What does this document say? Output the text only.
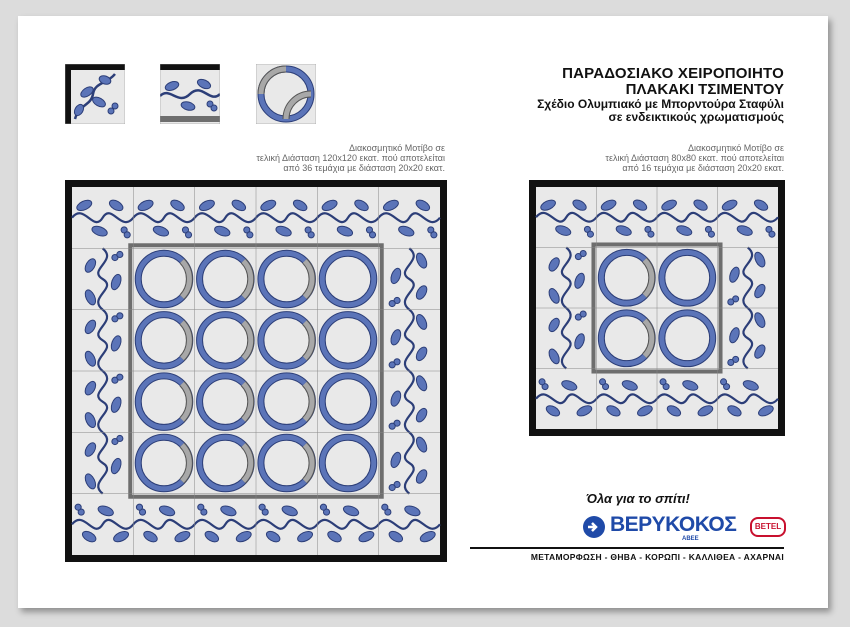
ΠΑΡΑΔΟΣΙΑΚΟ ΧΕΙΡΟΠΟΙΗΤΟ
ΠΛΑΚΑΚΙ ΤΣΙΜΕΝΤΟΥ
Σχέδιο Ολυμπιακό με Μπορντούρα Σταφύλι
σε ενδεικτικούς χρωματισμούς
Διακοσμητικό Μοτίβο σε
τελική Διάσταση 120x120 εκατ. πού αποτελείται
από 36 τεμάχια με διάσταση 20x20 εκατ.
Διακοσμητικό Μοτίβο σε
τελική Διάσταση 80x80 εκατ. πού αποτελείται
από 16 τεμάχια με διάσταση 20x20 εκατ.
Όλα για το σπίτι!
ΒΕΡΥΚΟΚΟΣ
ΑΒΕΕ
BETEL
ΜΕΤΑΜΟΡΦΩΣΗ - ΘΗΒΑ - ΚΟΡΩΠΙ - ΚΑΛΛΙΘΕΑ - ΑΧΑΡΝΑΙ
